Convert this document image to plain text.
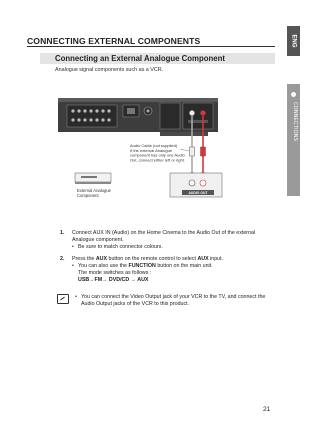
ENG
CONNECTIONS
CONNECTING EXTERNAL COMPONENTS
Connecting an External Analogue Component
Analogue signal components such as a VCR.
Audio Cable (not supplied) If the external Analogue component has only one Audio Out, connect either left or right.
External Analogue Component	AUDIO OUT
1.	Connect AUX IN (Audio) on the Home Cinema to the Audio Out of the external Analogue component.

• Be sure to match connector colours.
2.	Press the AUX button on the remote control to select AUX input.

• You can also use the FUNCTION button on the main unit.
The mode switches as follows :
USB→FM→ DVD/CD → AUX
• You can connect the Video Output jack of your VCR to the TV, and connect the Audio Output jacks of the VCR to this product.
21
